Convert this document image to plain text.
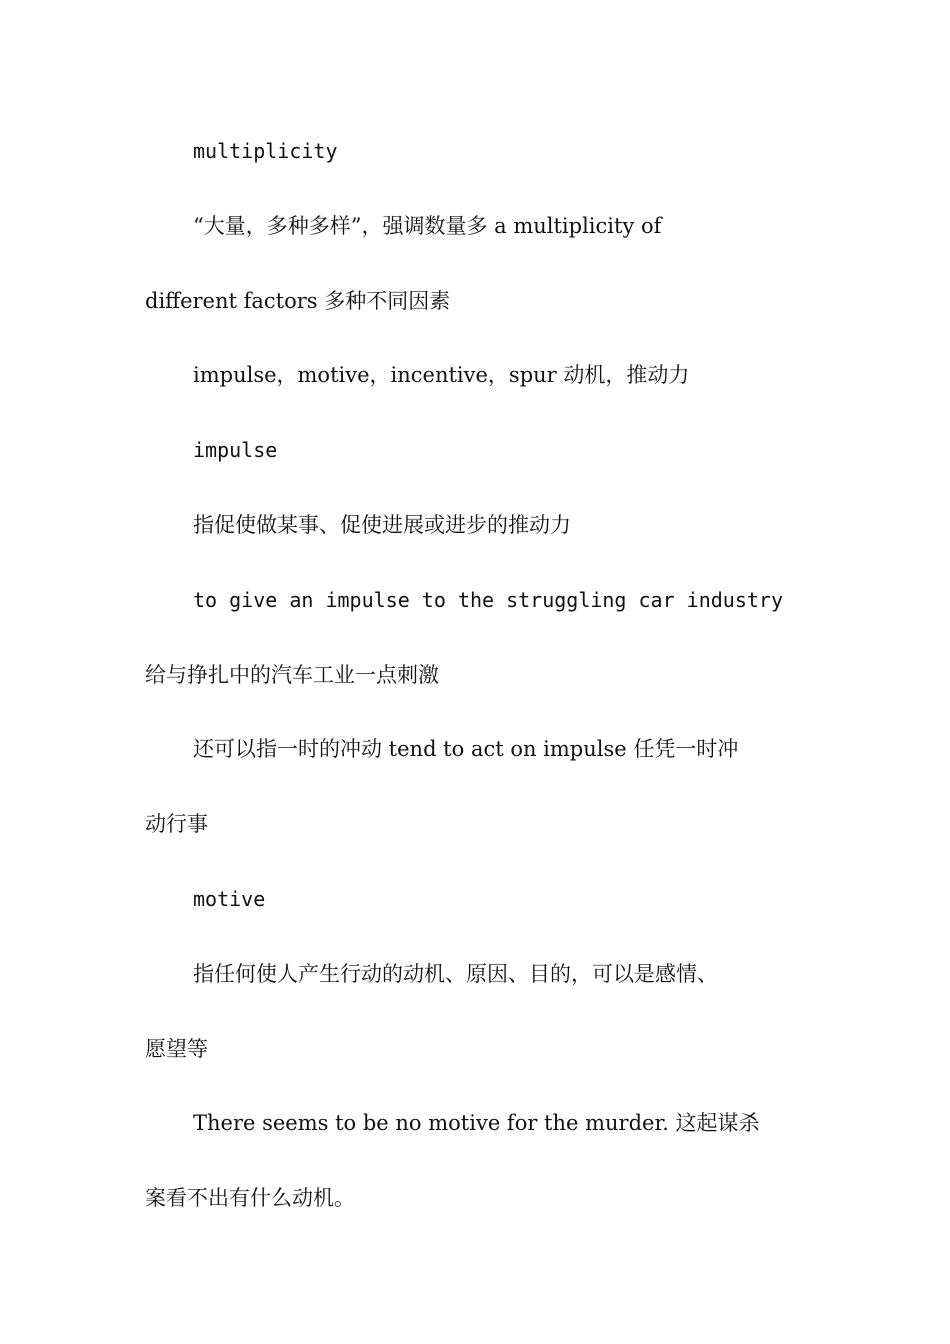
multiplicity
“大量，多种多样”，强调数量多 a multiplicity of
different factors 多种不同因素
impulse，motive，incentive，spur 动机，推动力
impulse
指促使做某事、促使进展或进步的推动力
to give an impulse to the struggling car industry
给与挣扎中的汽车工业一点刺激
还可以指一时的冲动 tend to act on impulse 任凭一时冲
动行事
motive
指任何使人产生行动的动机、原因、目的，可以是感情、
愿望等
There seems to be no motive for the murder. 这起谋杀
案看不出有什么动机。
